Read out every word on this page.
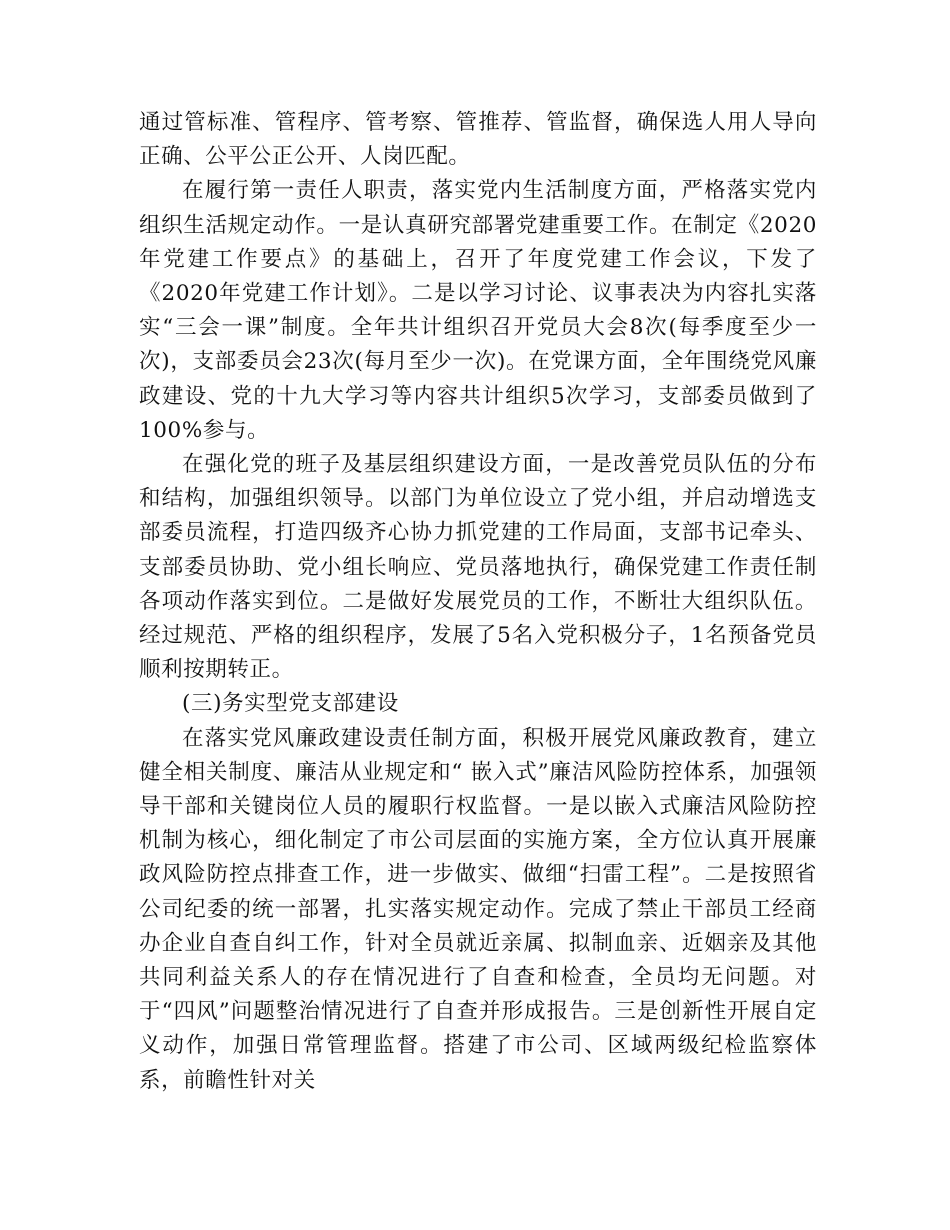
通过管标准、管程序、管考察、管推荐、管监督，确保选人用人导向正确、公平公正公开、人岗匹配。

在履行第一责任人职责，落实党内生活制度方面，严格落实党内组织生活规定动作。一是认真研究部署党建重要工作。在制定《2020年党建工作要点》的基础上，召开了年度党建工作会议，下发了《2020年党建工作计划》。二是以学习讨论、议事表决为内容扎实落实“三会一课”制度。全年共计组织召开党员大会8次(每季度至少一次)，支部委员会23次(每月至少一次)。在党课方面，全年围绕党风廉政建设、党的十九大学习等内容共计组织5次学习，支部委员做到了100%参与。

在强化党的班子及基层组织建设方面，一是改善党员队伍的分布和结构，加强组织领导。以部门为单位设立了党小组，并启动增选支部委员流程，打造四级齐心协力抓党建的工作局面，支部书记牵头、支部委员协助、党小组长响应、党员落地执行，确保党建工作责任制各项动作落实到位。二是做好发展党员的工作，不断壮大组织队伍。经过规范、严格的组织程序，发展了5名入党积极分子，1名预备党员顺利按期转正。

(三)务实型党支部建设

在落实党风廉政建设责任制方面，积极开展党风廉政教育，建立健全相关制度、廉洁从业规定和“ 嵌入式”廉洁风险防控体系，加强领导干部和关键岗位人员的履职行权监督。一是以嵌入式廉洁风险防控机制为核心，细化制定了市公司层面的实施方案，全方位认真开展廉政风险防控点排查工作，进一步做实、做细“扫雷工程”。二是按照省公司纪委的统一部署，扎实落实规定动作。完成了禁止干部员工经商办企业自查自纠工作，针对全员就近亲属、拟制血亲、近姻亲及其他共同利益关系人的存在情况进行了自查和检查，全员均无问题。对于“四风”问题整治情况进行了自查并形成报告。三是创新性开展自定义动作，加强日常管理监督。搭建了市公司、区域两级纪检监察体系，前瞻性针对关
